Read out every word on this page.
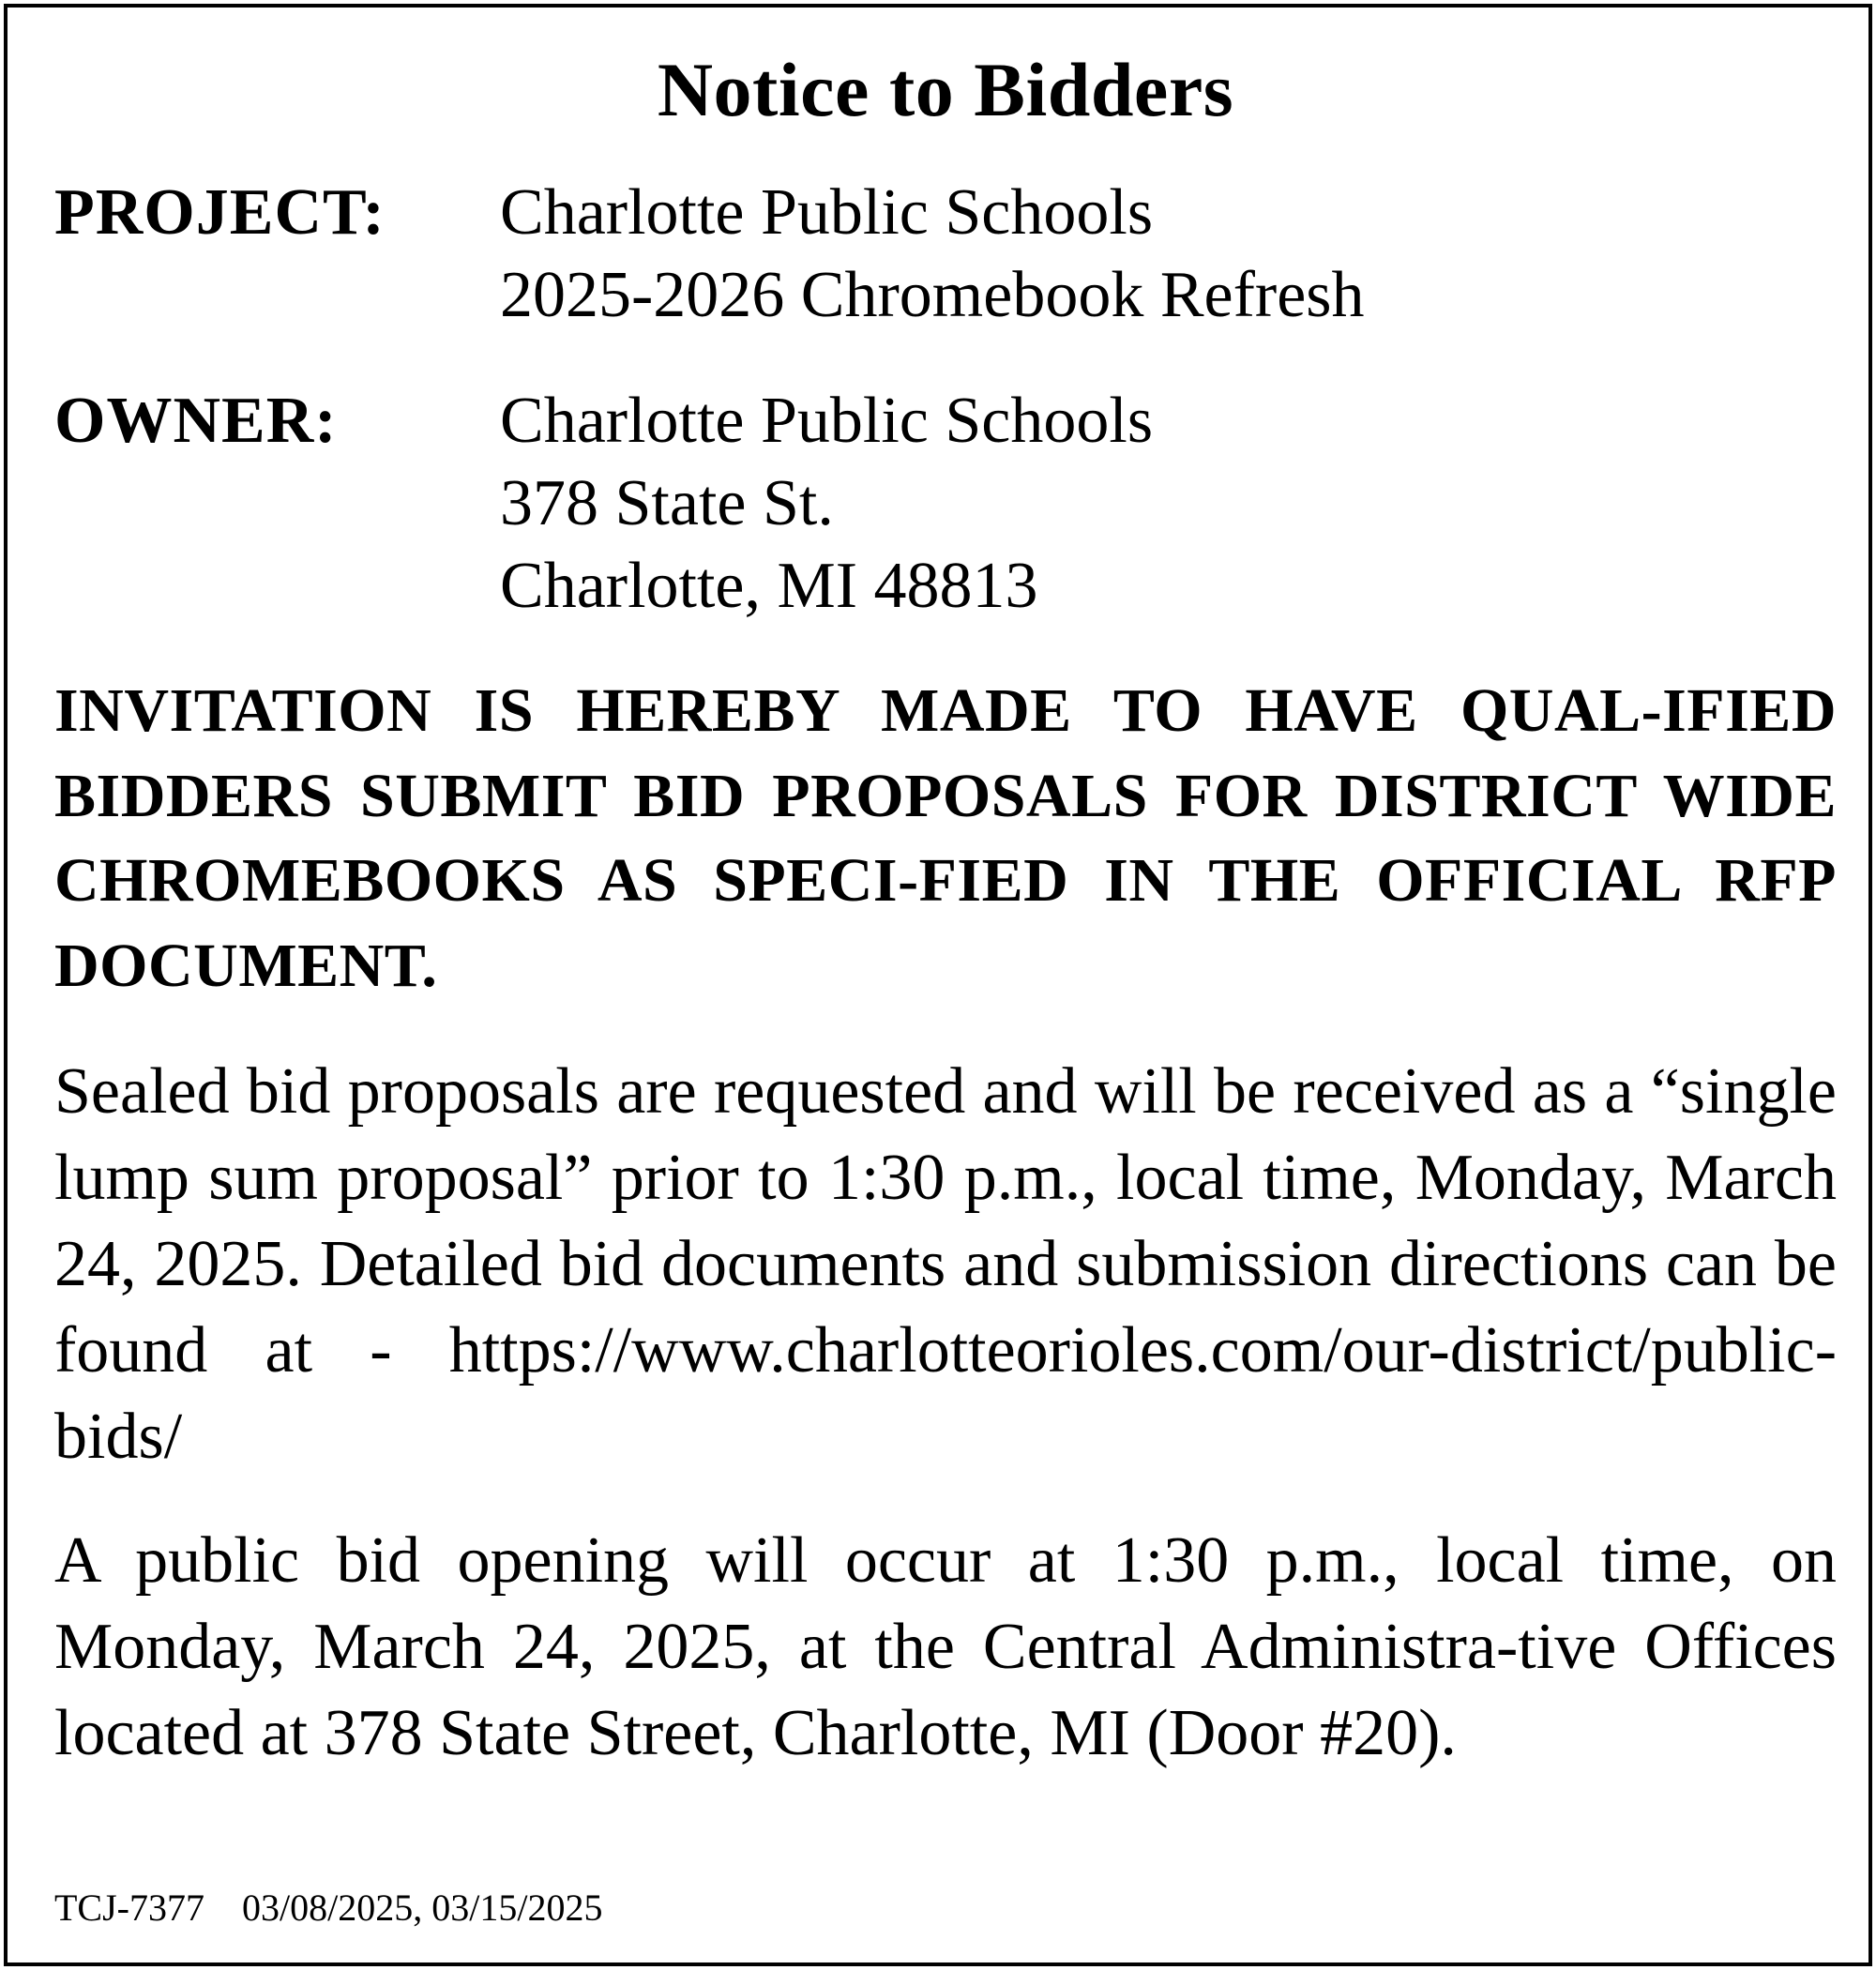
Notice to Bidders
PROJECT: Charlotte Public Schools
2025-2026 Chromebook Refresh
OWNER: Charlotte Public Schools
378 State St.
Charlotte, MI 48813
INVITATION IS HEREBY MADE TO HAVE QUAL-IFIED BIDDERS SUBMIT BID PROPOSALS FOR DISTRICT WIDE CHROMEBOOKS AS SPECI-FIED IN THE OFFICIAL RFP DOCUMENT.
Sealed bid proposals are requested and will be received as a “single lump sum proposal” prior to 1:30 p.m., local time, Monday, March 24, 2025. Detailed bid documents and submission directions can be found at - https://www.charlotteorioles.com/our-district/public-bids/
A public bid opening will occur at 1:30 p.m., local time, on Monday, March 24, 2025, at the Central Administra-tive Offices located at 378 State Street, Charlotte, MI (Door #20).
TCJ-7377 03/08/2025, 03/15/2025
